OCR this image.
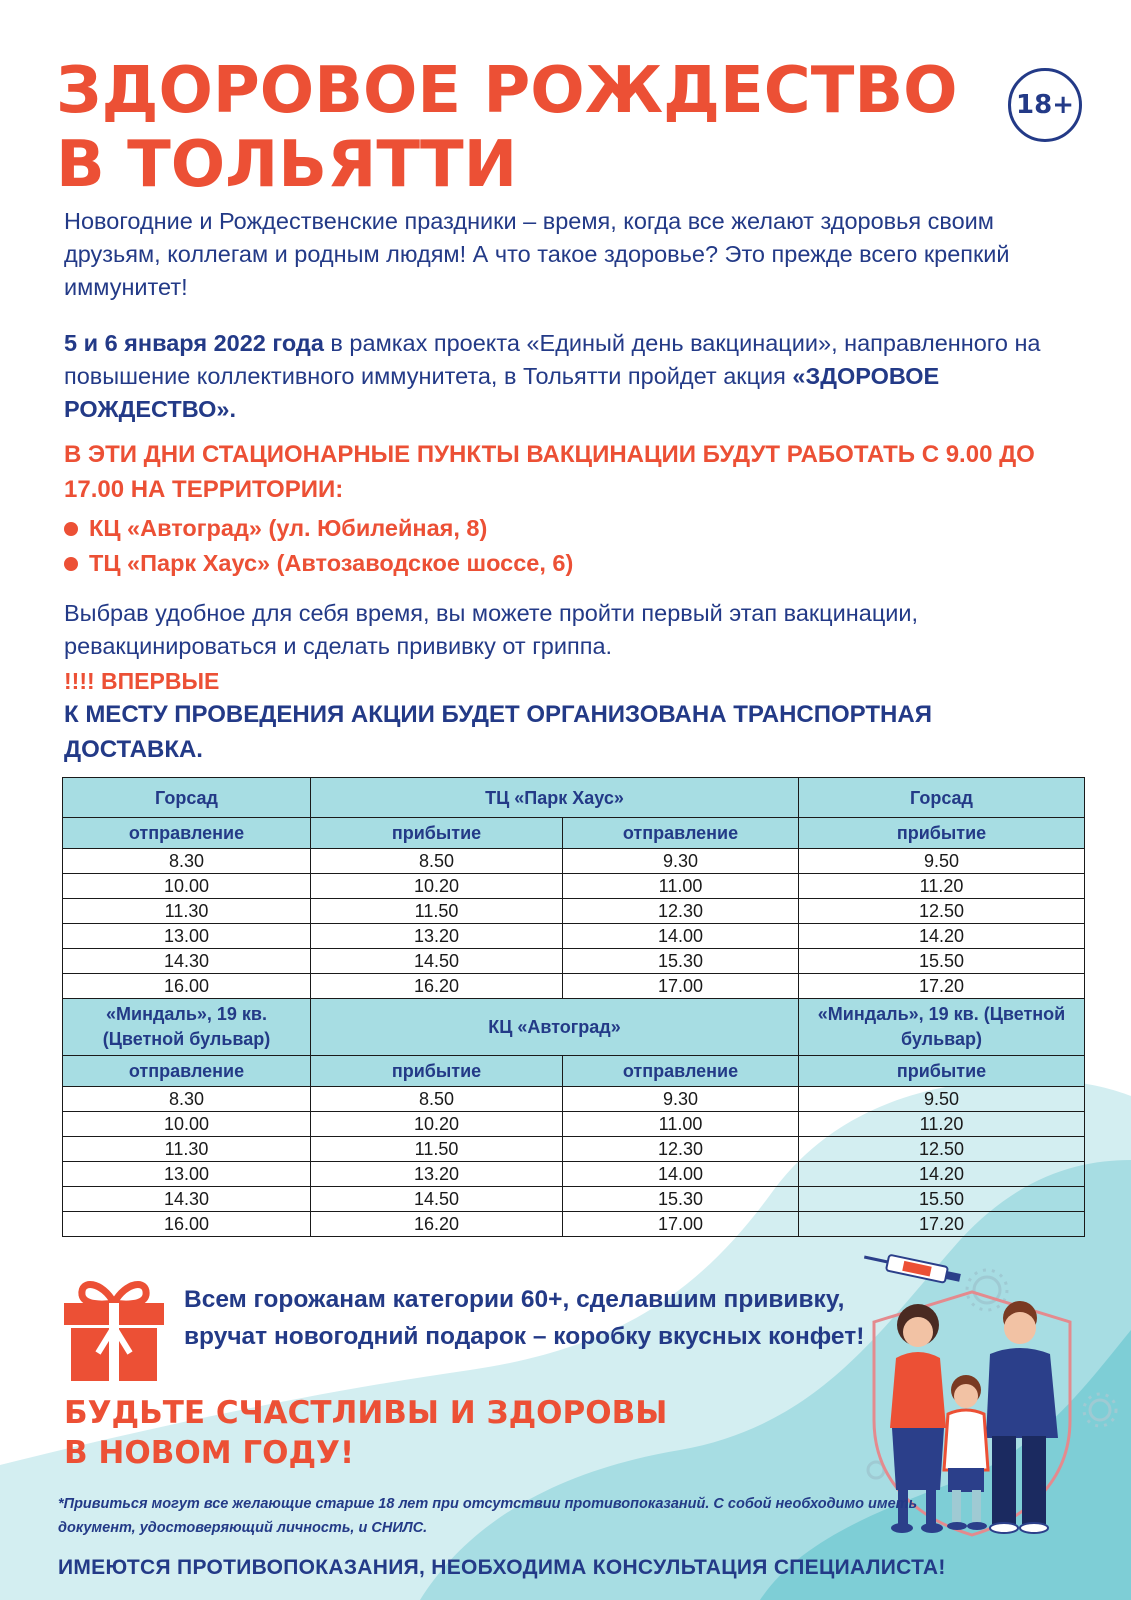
ЗДОРОВОЕ РОЖДЕСТВО
В ТОЛЬЯТТИ
18+

Новогодние и Рождественские праздники – время, когда все желают здоровья своим друзьям, коллегам и родным людям! А что такое здоровье? Это прежде всего крепкий иммунитет!

5 и 6 января 2022 года в рамках проекта «Единый день вакцинации», направленного на повышение коллективного иммунитета, в Тольятти пройдет акция «ЗДОРОВОЕ РОЖДЕСТВО».

В ЭТИ ДНИ СТАЦИОНАРНЫЕ ПУНКТЫ ВАКЦИНАЦИИ БУДУТ РАБОТАТЬ С 9.00 ДО 17.00 НА ТЕРРИТОРИИ:

КЦ «Автоград» (ул. Юбилейная, 8)
ТЦ «Парк Хаус» (Автозаводское шоссе, 6)

Выбрав удобное для себя время, вы можете пройти первый этап вакцинации, ревакцинироваться и сделать прививку от гриппа.

!!!! ВПЕРВЫЕ

К МЕСТУ ПРОВЕДЕНИЯ АКЦИИ БУДЕТ ОРГАНИЗОВАНА ТРАНСПОРТНАЯ ДОСТАВКА.

Горсад	ТЦ «Парк Хаус»		Горсад
отправление	прибытие	отправление	прибытие
8.30	8.50	9.30	9.50
10.00	10.20	11.00	11.20
11.30	11.50	12.30	12.50
13.00	13.20	14.00	14.20
14.30	14.50	15.30	15.50
16.00	16.20	17.00	17.20
«Миндаль», 19 кв. (Цветной бульвар)	КЦ «Автоград»		«Миндаль», 19 кв. (Цветной бульвар)
отправление	прибытие	отправление	прибытие
8.30	8.50	9.30	9.50
10.00	10.20	11.00	11.20
11.30	11.50	12.30	12.50
13.00	13.20	14.00	14.20
14.30	14.50	15.30	15.50
16.00	16.20	17.00	17.20

Всем горожанам категории 60+, сделавшим прививку, вручат новогодний подарок – коробку вкусных конфет!

БУДЬТЕ СЧАСТЛИВЫ И ЗДОРОВЫ
В НОВОМ ГОДУ!

*Привиться могут все желающие старше 18 лет при отсутствии противопоказаний. С собой необходимо иметь документ, удостоверяющий личность, и СНИЛС.

ИМЕЮТСЯ ПРОТИВОПОКАЗАНИЯ, НЕОБХОДИМА КОНСУЛЬТАЦИЯ СПЕЦИАЛИСТА!
